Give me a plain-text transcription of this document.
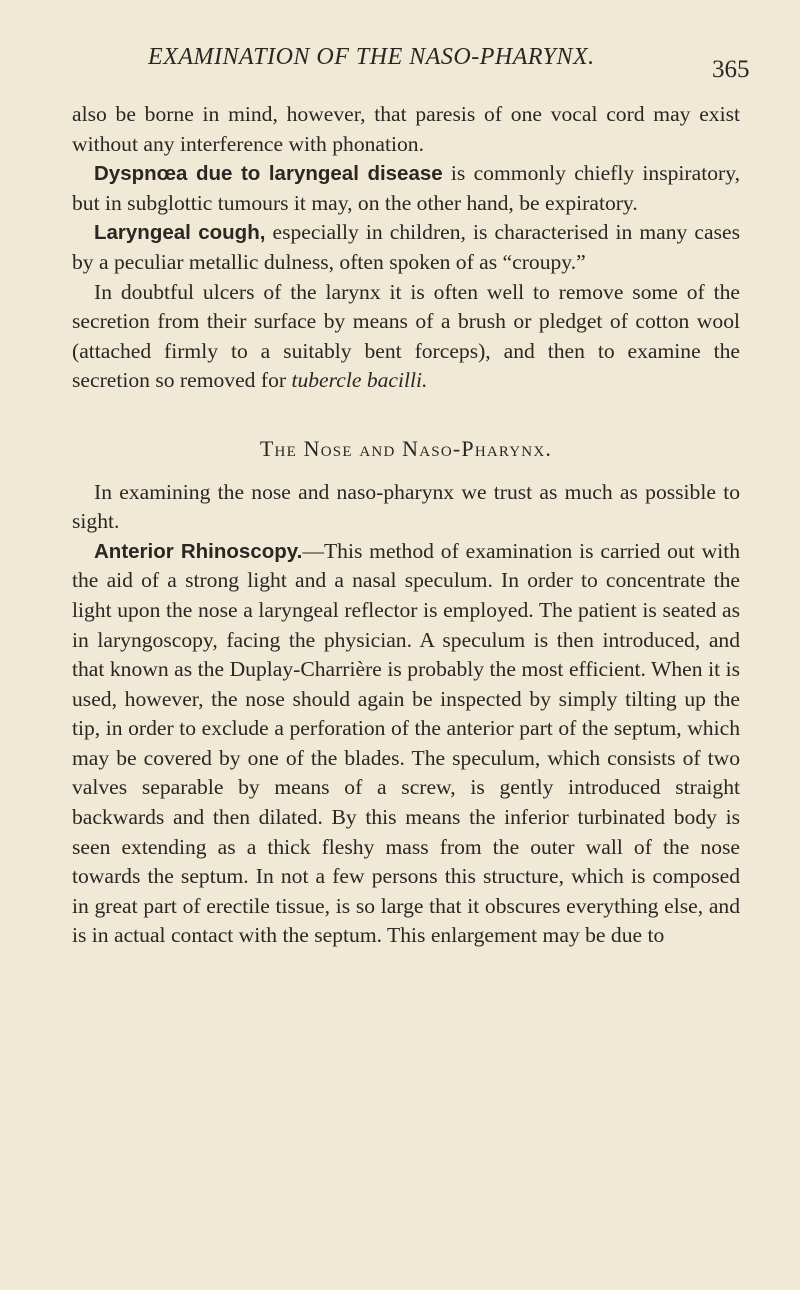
EXAMINATION OF THE NASO-PHARYNX.	365

also be borne in mind, however, that paresis of one vocal cord may exist without any interference with phonation.

Dyspnœa due to laryngeal disease is commonly chiefly inspiratory, but in subglottic tumours it may, on the other hand, be expiratory.

Laryngeal cough, especially in children, is characterised in many cases by a peculiar metallic dulness, often spoken of as “croupy.”

In doubtful ulcers of the larynx it is often well to remove some of the secretion from their surface by means of a brush or pledget of cotton wool (attached firmly to a suitably bent forceps), and then to examine the secretion so removed for tubercle bacilli.

The Nose and Naso-Pharynx.

In examining the nose and naso-pharynx we trust as much as possible to sight.

Anterior Rhinoscopy.—This method of examination is carried out with the aid of a strong light and a nasal speculum. In order to concentrate the light upon the nose a laryngeal reflector is employed. The patient is seated as in laryngoscopy, facing the physician. A speculum is then introduced, and that known as the Duplay-Charrière is probably the most efficient. When it is used, however, the nose should again be inspected by simply tilting up the tip, in order to exclude a perforation of the anterior part of the septum, which may be covered by one of the blades. The speculum, which consists of two valves separable by means of a screw, is gently introduced straight backwards and then dilated. By this means the inferior turbinated body is seen extending as a thick fleshy mass from the outer wall of the nose towards the septum. In not a few persons this structure, which is composed in great part of erectile tissue, is so large that it obscures everything else, and is in actual contact with the septum. This enlargement may be due to
